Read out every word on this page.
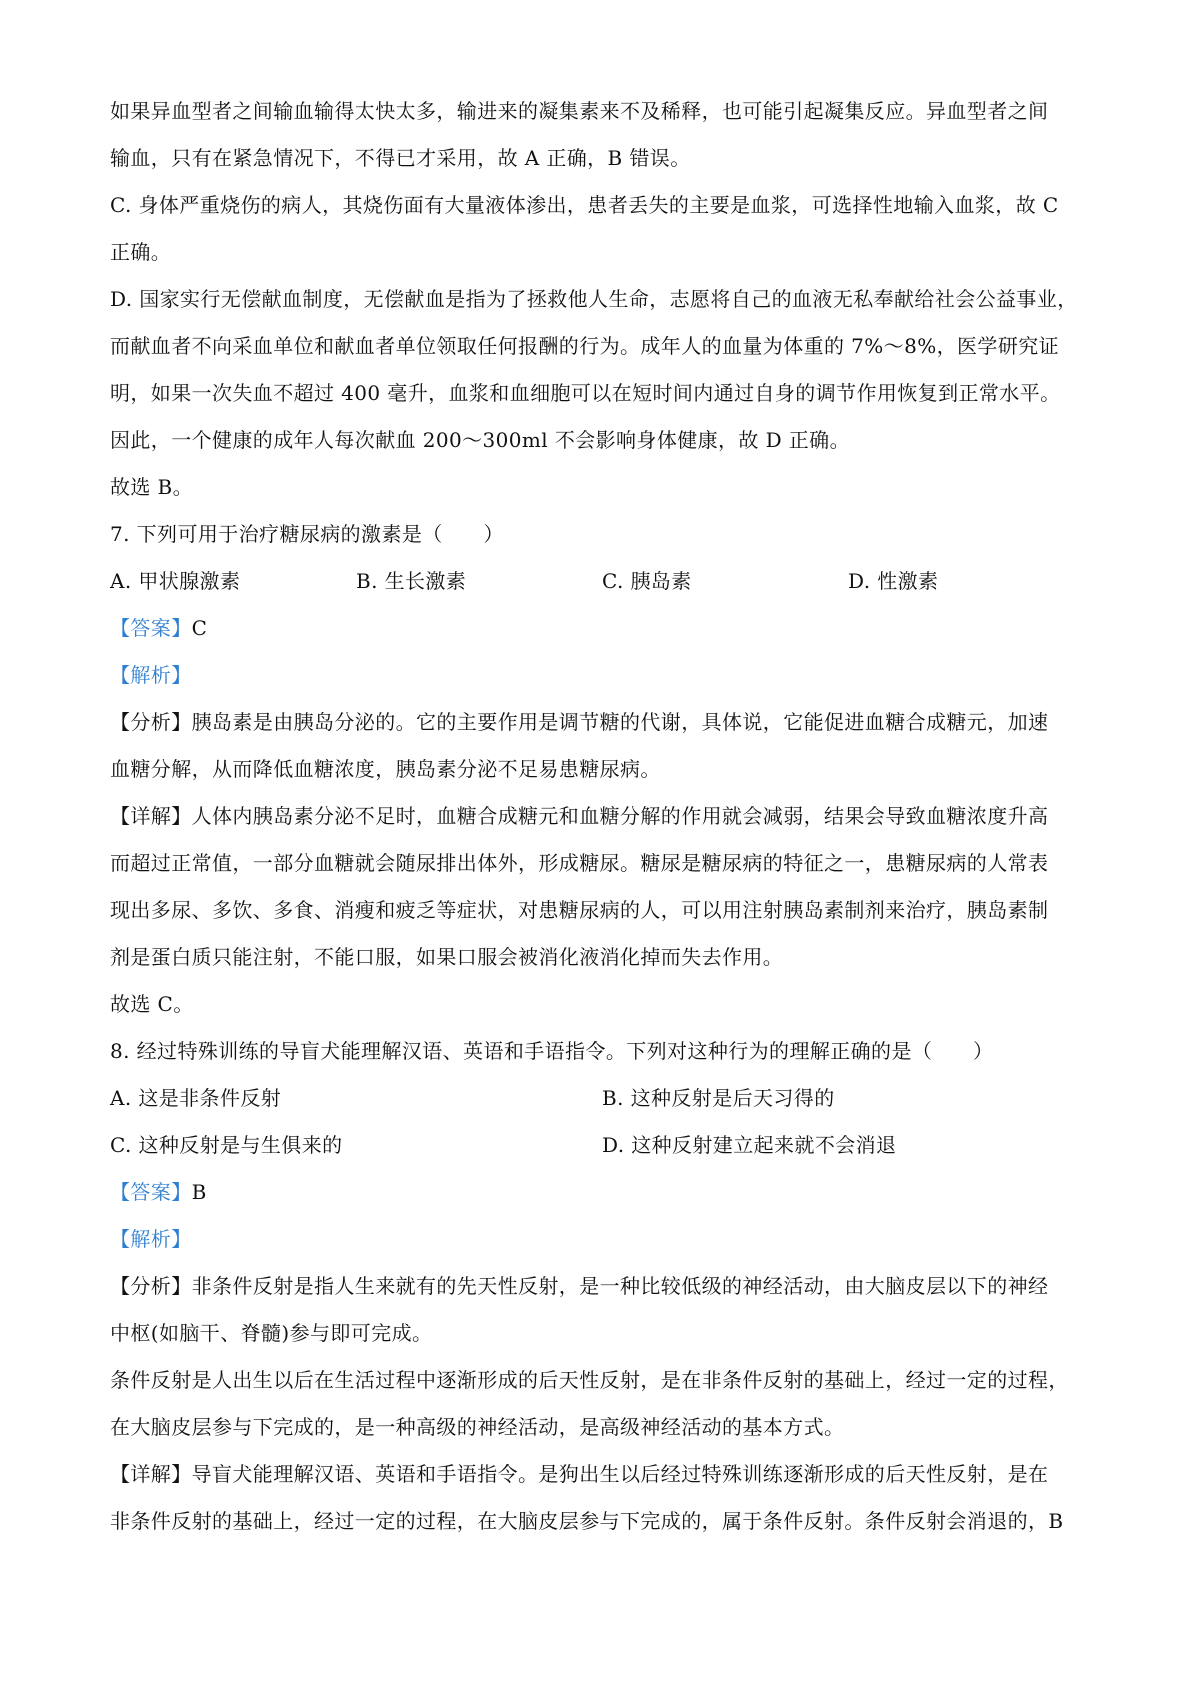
如果异血型者之间输血输得太快太多，输进来的凝集素来不及稀释，也可能引起凝集反应。异血型者之间
输血，只有在紧急情况下，不得已才采用，故 A 正确，B 错误。
C. 身体严重烧伤的病人，其烧伤面有大量液体渗出，患者丢失的主要是血浆，可选择性地输入血浆，故 C
正确。
D. 国家实行无偿献血制度，无偿献血是指为了拯救他人生命，志愿将自己的血液无私奉献给社会公益事业，
而献血者不向采血单位和献血者单位领取任何报酬的行为。成年人的血量为体重的 7%～8%，医学研究证
明，如果一次失血不超过 400 毫升，血浆和血细胞可以在短时间内通过自身的调节作用恢复到正常水平。
因此，一个健康的成年人每次献血 200～300ml 不会影响身体健康，故 D 正确。
故选 B。
7. 下列可用于治疗糖尿病的激素是（　　）
A. 甲状腺激素	B. 生长激素	C. 胰岛素	D. 性激素
【答案】C
【解析】
【分析】胰岛素是由胰岛分泌的。它的主要作用是调节糖的代谢，具体说，它能促进血糖合成糖元，加速
血糖分解，从而降低血糖浓度，胰岛素分泌不足易患糖尿病。
【详解】人体内胰岛素分泌不足时，血糖合成糖元和血糖分解的作用就会减弱，结果会导致血糖浓度升高
而超过正常值，一部分血糖就会随尿排出体外，形成糖尿。糖尿是糖尿病的特征之一，患糖尿病的人常表
现出多尿、多饮、多食、消瘦和疲乏等症状，对患糖尿病的人，可以用注射胰岛素制剂来治疗，胰岛素制
剂是蛋白质只能注射，不能口服，如果口服会被消化液消化掉而失去作用。
故选 C。
8. 经过特殊训练的导盲犬能理解汉语、英语和手语指令。下列对这种行为的理解正确的是（　　）
A. 这是非条件反射	B. 这种反射是后天习得的
C. 这种反射是与生俱来的	D. 这种反射建立起来就不会消退
【答案】B
【解析】
【分析】非条件反射是指人生来就有的先天性反射，是一种比较低级的神经活动，由大脑皮层以下的神经
中枢(如脑干、脊髓)参与即可完成。
条件反射是人出生以后在生活过程中逐渐形成的后天性反射，是在非条件反射的基础上，经过一定的过程，
在大脑皮层参与下完成的，是一种高级的神经活动，是高级神经活动的基本方式。
【详解】导盲犬能理解汉语、英语和手语指令。是狗出生以后经过特殊训练逐渐形成的后天性反射，是在
非条件反射的基础上，经过一定的过程，在大脑皮层参与下完成的，属于条件反射。条件反射会消退的，B
